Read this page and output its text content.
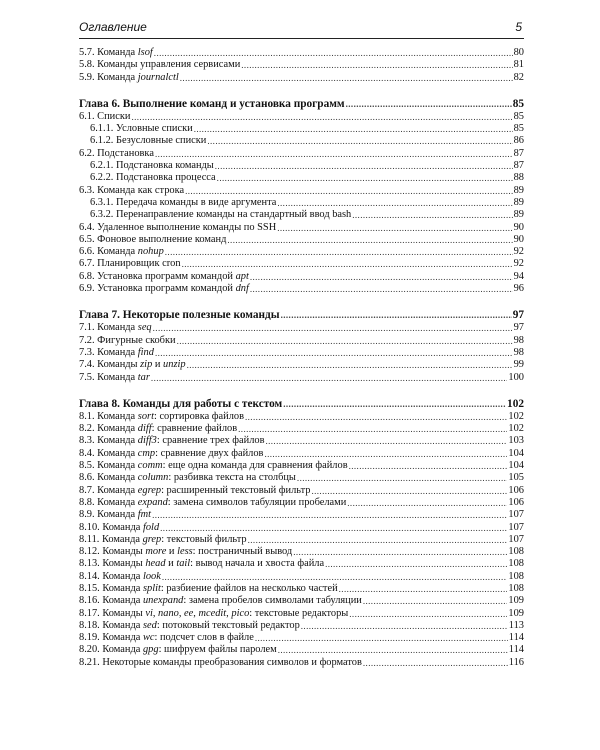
Оглавление	5
5.7. Команда lsof .....	80
5.8. Команды управления сервисами .....	81
5.9. Команда journalctl .....	82
Глава 6. Выполнение команд и установка программ .....	85
6.1. Списки .....	85
6.1.1. Условные списки .....	85
6.1.2. Безусловные списки .....	86
6.2. Подстановка .....	87
6.2.1. Подстановка команды .....	87
6.2.2. Подстановка процесса .....	88
6.3. Команда как строка .....	89
6.3.1. Передача команды в виде аргумента .....	89
6.3.2. Перенаправление команды на стандартный ввод bash .....	89
6.4. Удаленное выполнение команды по SSH .....	90
6.5. Фоновое выполнение команд .....	90
6.6. Команда nohup .....	92
6.7. Планировщик cron .....	92
6.8. Установка программ командой apt .....	94
6.9. Установка программ командой dnf .....	96
Глава 7. Некоторые полезные команды .....	97
7.1. Команда seq .....	97
7.2. Фигурные скобки .....	98
7.3. Команда find .....	98
7.4. Команды zip и unzip .....	99
7.5. Команда tar .....	100
Глава 8. Команды для работы с текстом .....	102
8.1. Команда sort: сортировка файлов .....	102
8.2. Команда diff: сравнение файлов .....	102
8.3. Команда diff3: сравнение трех файлов .....	103
8.4. Команда cmp: сравнение двух файлов .....	104
8.5. Команда comm: еще одна команда для сравнения файлов .....	104
8.6. Команда column: разбивка текста на столбцы .....	105
8.7. Команда egrep: расширенный текстовый фильтр .....	106
8.8. Команда expand: замена символов табуляции пробелами .....	106
8.9. Команда fmt .....	107
8.10. Команда fold .....	107
8.11. Команда grep: текстовый фильтр .....	107
8.12. Команды more и less: постраничный вывод .....	108
8.13. Команды head и tail: вывод начала и хвоста файла .....	108
8.14. Команда look .....	108
8.15. Команда split: разбиение файлов на несколько частей .....	108
8.16. Команда unexpand: замена пробелов символами табуляции .....	109
8.17. Команды vi, nano, ee, mcedit, pico: текстовые редакторы .....	109
8.18. Команда sed: потоковый текстовый редактор .....	113
8.19. Команда wc: подсчет слов в файле .....	114
8.20. Команда gpg: шифруем файлы паролем .....	114
8.21. Некоторые команды преобразования символов и форматов .....	116
